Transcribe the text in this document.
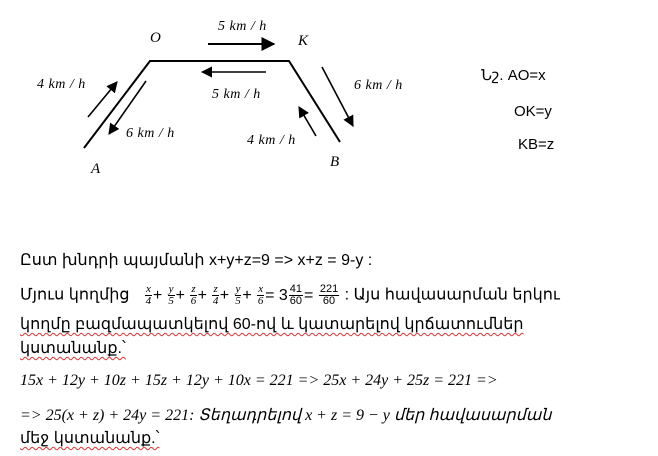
O	K
A	B
5 km / h
5 km / h
4 km / h
6 km / h
6 km / h
4 km / h
Նշ. AO=x
OK=y
KB=z
Ըստ խնդրի պայմանի x+y+z=9 => x+z = 9-y :
Մյուս կողմից $\frac{x}{4} + \frac{y}{5} + \frac{z}{6} + \frac{z}{4} + \frac{y}{5} + \frac{x}{6} = 3 \frac{41}{60} = \frac{221}{60}$ : Այս հավասարման երկու
կողմը բազմապատկելով 60-ով և կատարելով կրճատումներ
կստանանք.՝
15x + 12y + 10z + 15z + 12y + 10x = 221 => 25x + 24y + 25z = 221 =>
=> 25(x + z) + 24y = 221: Տեղադրելով x + z = 9 − y մեր հավասարման
մեջ կստանանք.՝
